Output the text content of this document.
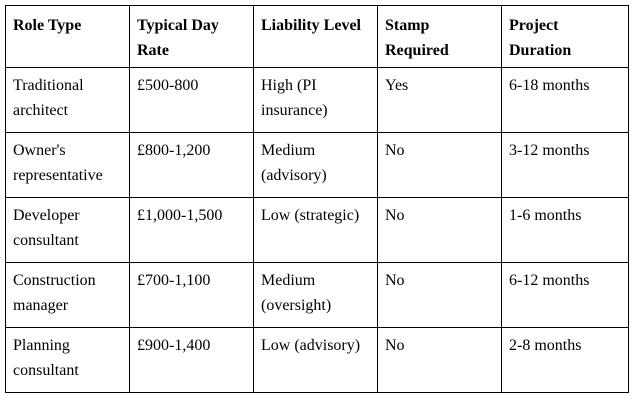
Role Type	Typical Day Rate	Liability Level	Stamp Required	Project Duration
Traditional architect	£500-800	High (PI insurance)	Yes	6-18 months
Owner's representative	£800-1,200	Medium (advisory)	No	3-12 months
Developer consultant	£1,000-1,500	Low (strategic)	No	1-6 months
Construction manager	£700-1,100	Medium (oversight)	No	6-12 months
Planning consultant	£900-1,400	Low (advisory)	No	2-8 months
